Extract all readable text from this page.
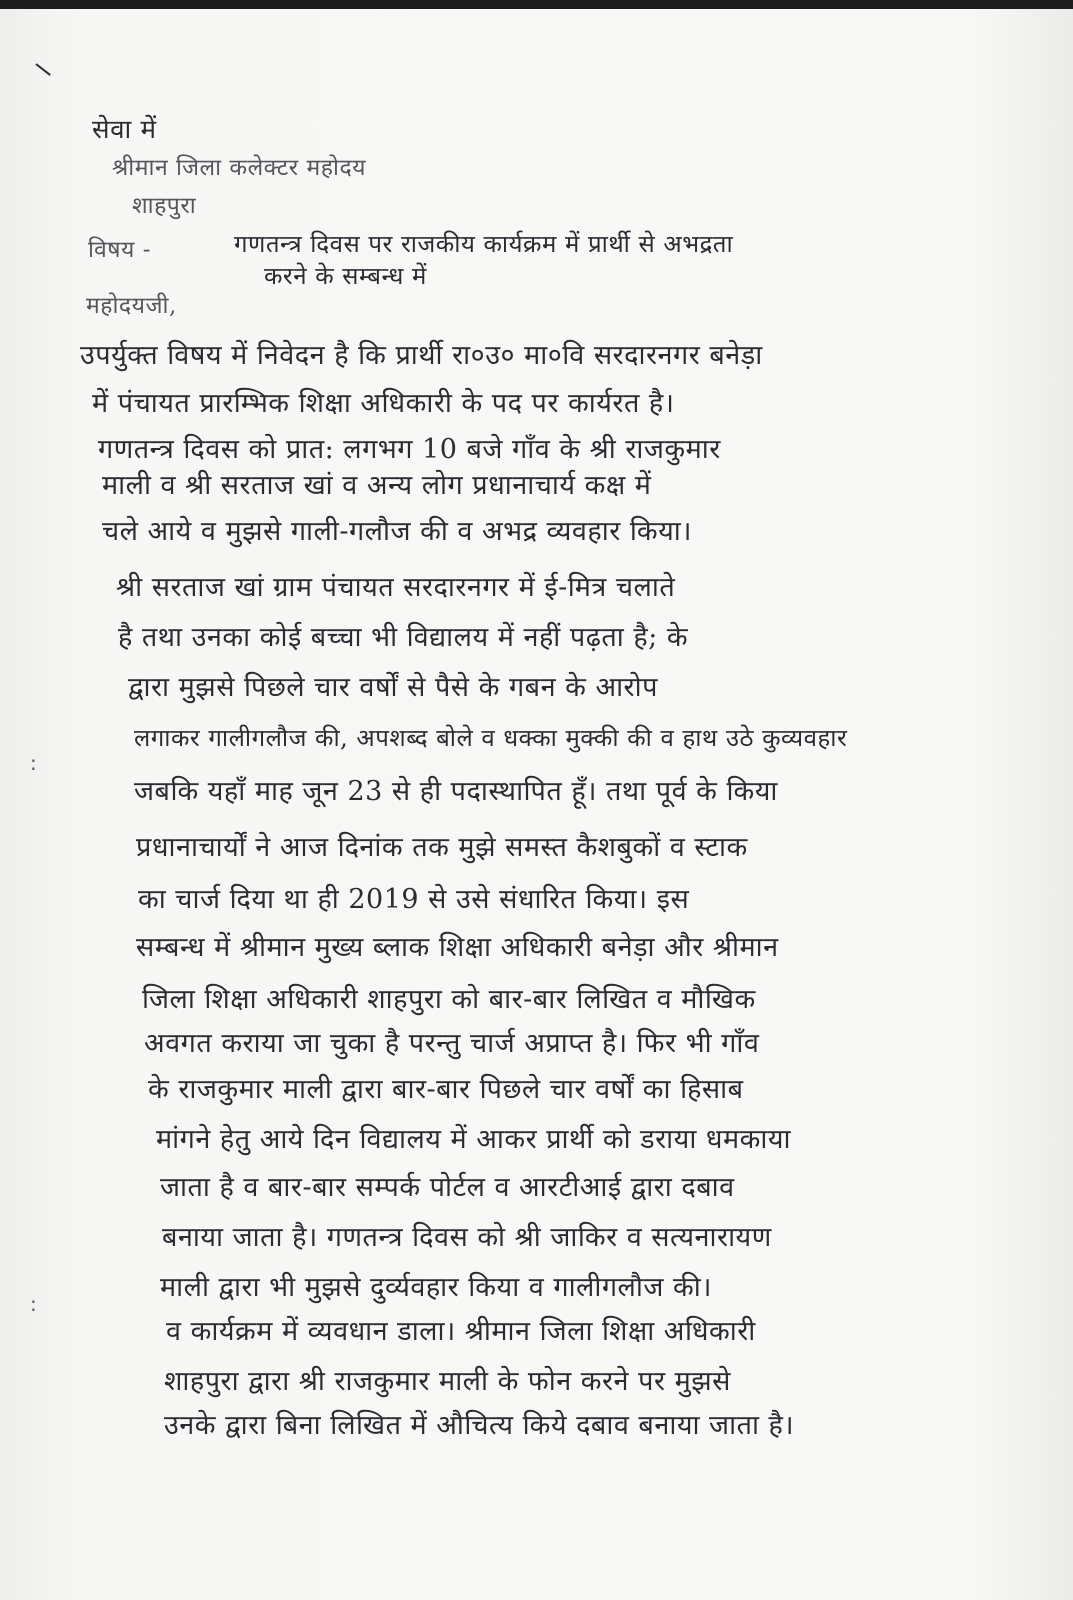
:
:
सेवा में
श्रीमान जिला कलेक्टर महोदय
शाहपुरा
विषय -	गणतन्त्र दिवस पर राजकीय कार्यक्रम में प्रार्थी से अभद्रता
करने के सम्बन्ध में
महोदयजी,
उपर्युक्त विषय में निवेदन है कि प्रार्थी रा०उ० मा०वि सरदारनगर बनेड़ा
में पंचायत प्रारम्भिक शिक्षा अधिकारी के पद पर कार्यरत है।
गणतन्त्र दिवस को प्रात: लगभग 10 बजे गाँव के श्री राजकुमार
माली व श्री सरताज खां व अन्य लोग प्रधानाचार्य कक्ष में
चले आये व मुझसे गाली-गलौज की व अभद्र व्यवहार किया।
श्री सरताज खां ग्राम पंचायत सरदारनगर में ई-मित्र चलाते
है तथा उनका कोई बच्चा भी विद्यालय में नहीं पढ़ता है; के
द्वारा मुझसे पिछले चार वर्षों से पैसे के गबन के आरोप
लगाकर गालीगलौज की, अपशब्द बोले व धक्का मुक्की की व हाथ उठे कुव्यवहार
जबकि यहाँ माह जून 23 से ही पदास्थापित हूँ। तथा पूर्व के किया
प्रधानाचार्यों ने आज दिनांक तक मुझे समस्त कैशबुकों व स्टाक
का चार्ज दिया था ही 2019 से उसे संधारित किया। इस
सम्बन्ध में श्रीमान मुख्य ब्लाक शिक्षा अधिकारी बनेड़ा और श्रीमान
जिला शिक्षा अधिकारी शाहपुरा को बार-बार लिखित व मौखिक
अवगत कराया जा चुका है परन्तु चार्ज अप्राप्त है। फिर भी गाँव
के राजकुमार माली द्वारा बार-बार पिछले चार वर्षों का हिसाब
मांगने हेतु आये दिन विद्यालय में आकर प्रार्थी को डराया धमकाया
जाता है व बार-बार सम्पर्क पोर्टल व आरटीआई द्वारा दबाव
बनाया जाता है। गणतन्त्र दिवस को श्री जाकिर व सत्यनारायण
माली द्वारा भी मुझसे दुर्व्यवहार किया व गालीगलौज की।
व कार्यक्रम में व्यवधान डाला। श्रीमान जिला शिक्षा अधिकारी
शाहपुरा द्वारा श्री राजकुमार माली के फोन करने पर मुझसे
उनके द्वारा बिना लिखित में औचित्य किये दबाव बनाया जाता है।
